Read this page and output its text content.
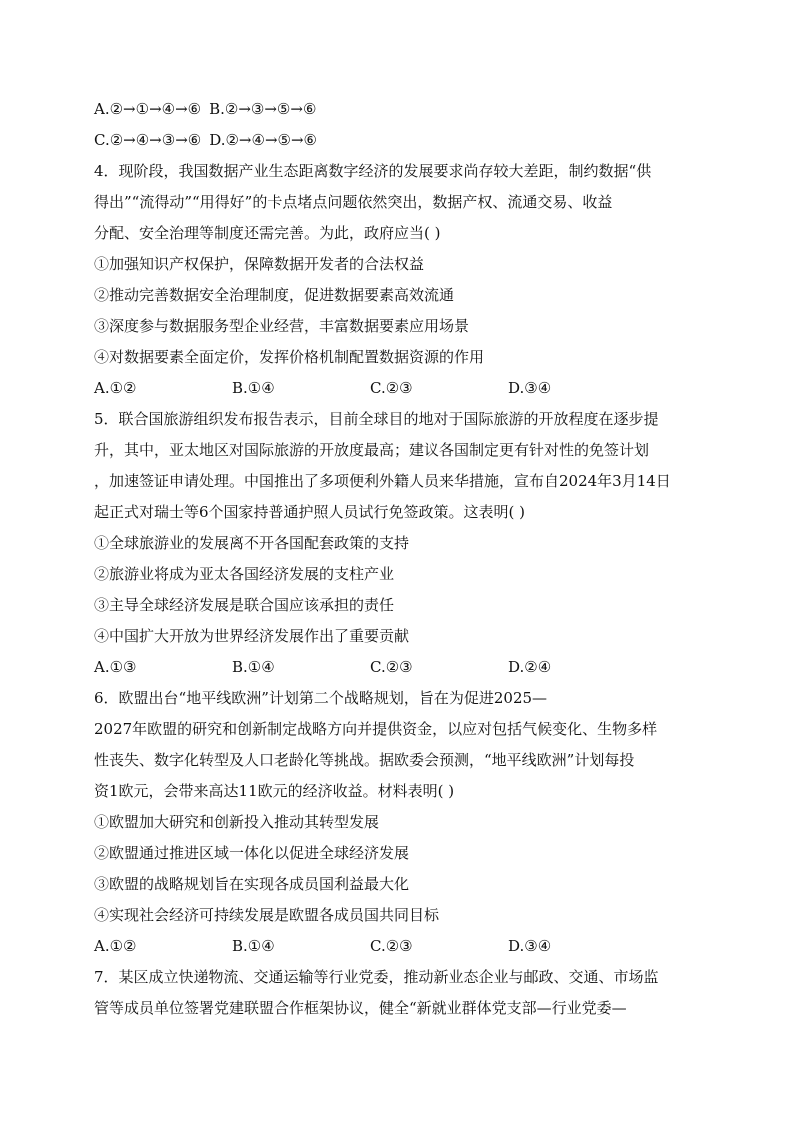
A.②→①→④→⑥ B.②→③→⑤→⑥
C.②→④→③→⑥ D.②→④→⑤→⑥
4．现阶段，我国数据产业生态距离数字经济的发展要求尚存较大差距，制约数据“供
得出”“流得动”“用得好”的卡点堵点问题依然突出，数据产权、流通交易、收益
分配、安全治理等制度还需完善。为此，政府应当( )
①加强知识产权保护，保障数据开发者的合法权益
②推动完善数据安全治理制度，促进数据要素高效流通
③深度参与数据服务型企业经营，丰富数据要素应用场景
④对数据要素全面定价，发挥价格机制配置数据资源的作用
A.①②	B.①④	C.②③	D.③④
5．联合国旅游组织发布报告表示，目前全球目的地对于国际旅游的开放程度在逐步提
升，其中，亚太地区对国际旅游的开放度最高；建议各国制定更有针对性的免签计划
，加速签证申请处理。中国推出了多项便利外籍人员来华措施，宣布自2024年3月14日
起正式对瑞士等6个国家持普通护照人员试行免签政策。这表明( )
①全球旅游业的发展离不开各国配套政策的支持
②旅游业将成为亚太各国经济发展的支柱产业
③主导全球经济发展是联合国应该承担的责任
④中国扩大开放为世界经济发展作出了重要贡献
A.①③	B.①④	C.②③	D.②④
6．欧盟出台“地平线欧洲”计划第二个战略规划，旨在为促进2025—
2027年欧盟的研究和创新制定战略方向并提供资金，以应对包括气候变化、生物多样
性丧失、数字化转型及人口老龄化等挑战。据欧委会预测，“地平线欧洲”计划每投
资1欧元，会带来高达11欧元的经济收益。材料表明( )
①欧盟加大研究和创新投入推动其转型发展
②欧盟通过推进区域一体化以促进全球经济发展
③欧盟的战略规划旨在实现各成员国利益最大化
④实现社会经济可持续发展是欧盟各成员国共同目标
A.①②	B.①④	C.②③	D.③④
7．某区成立快递物流、交通运输等行业党委，推动新业态企业与邮政、交通、市场监
管等成员单位签署党建联盟合作框架协议，健全“新就业群体党支部—行业党委—
